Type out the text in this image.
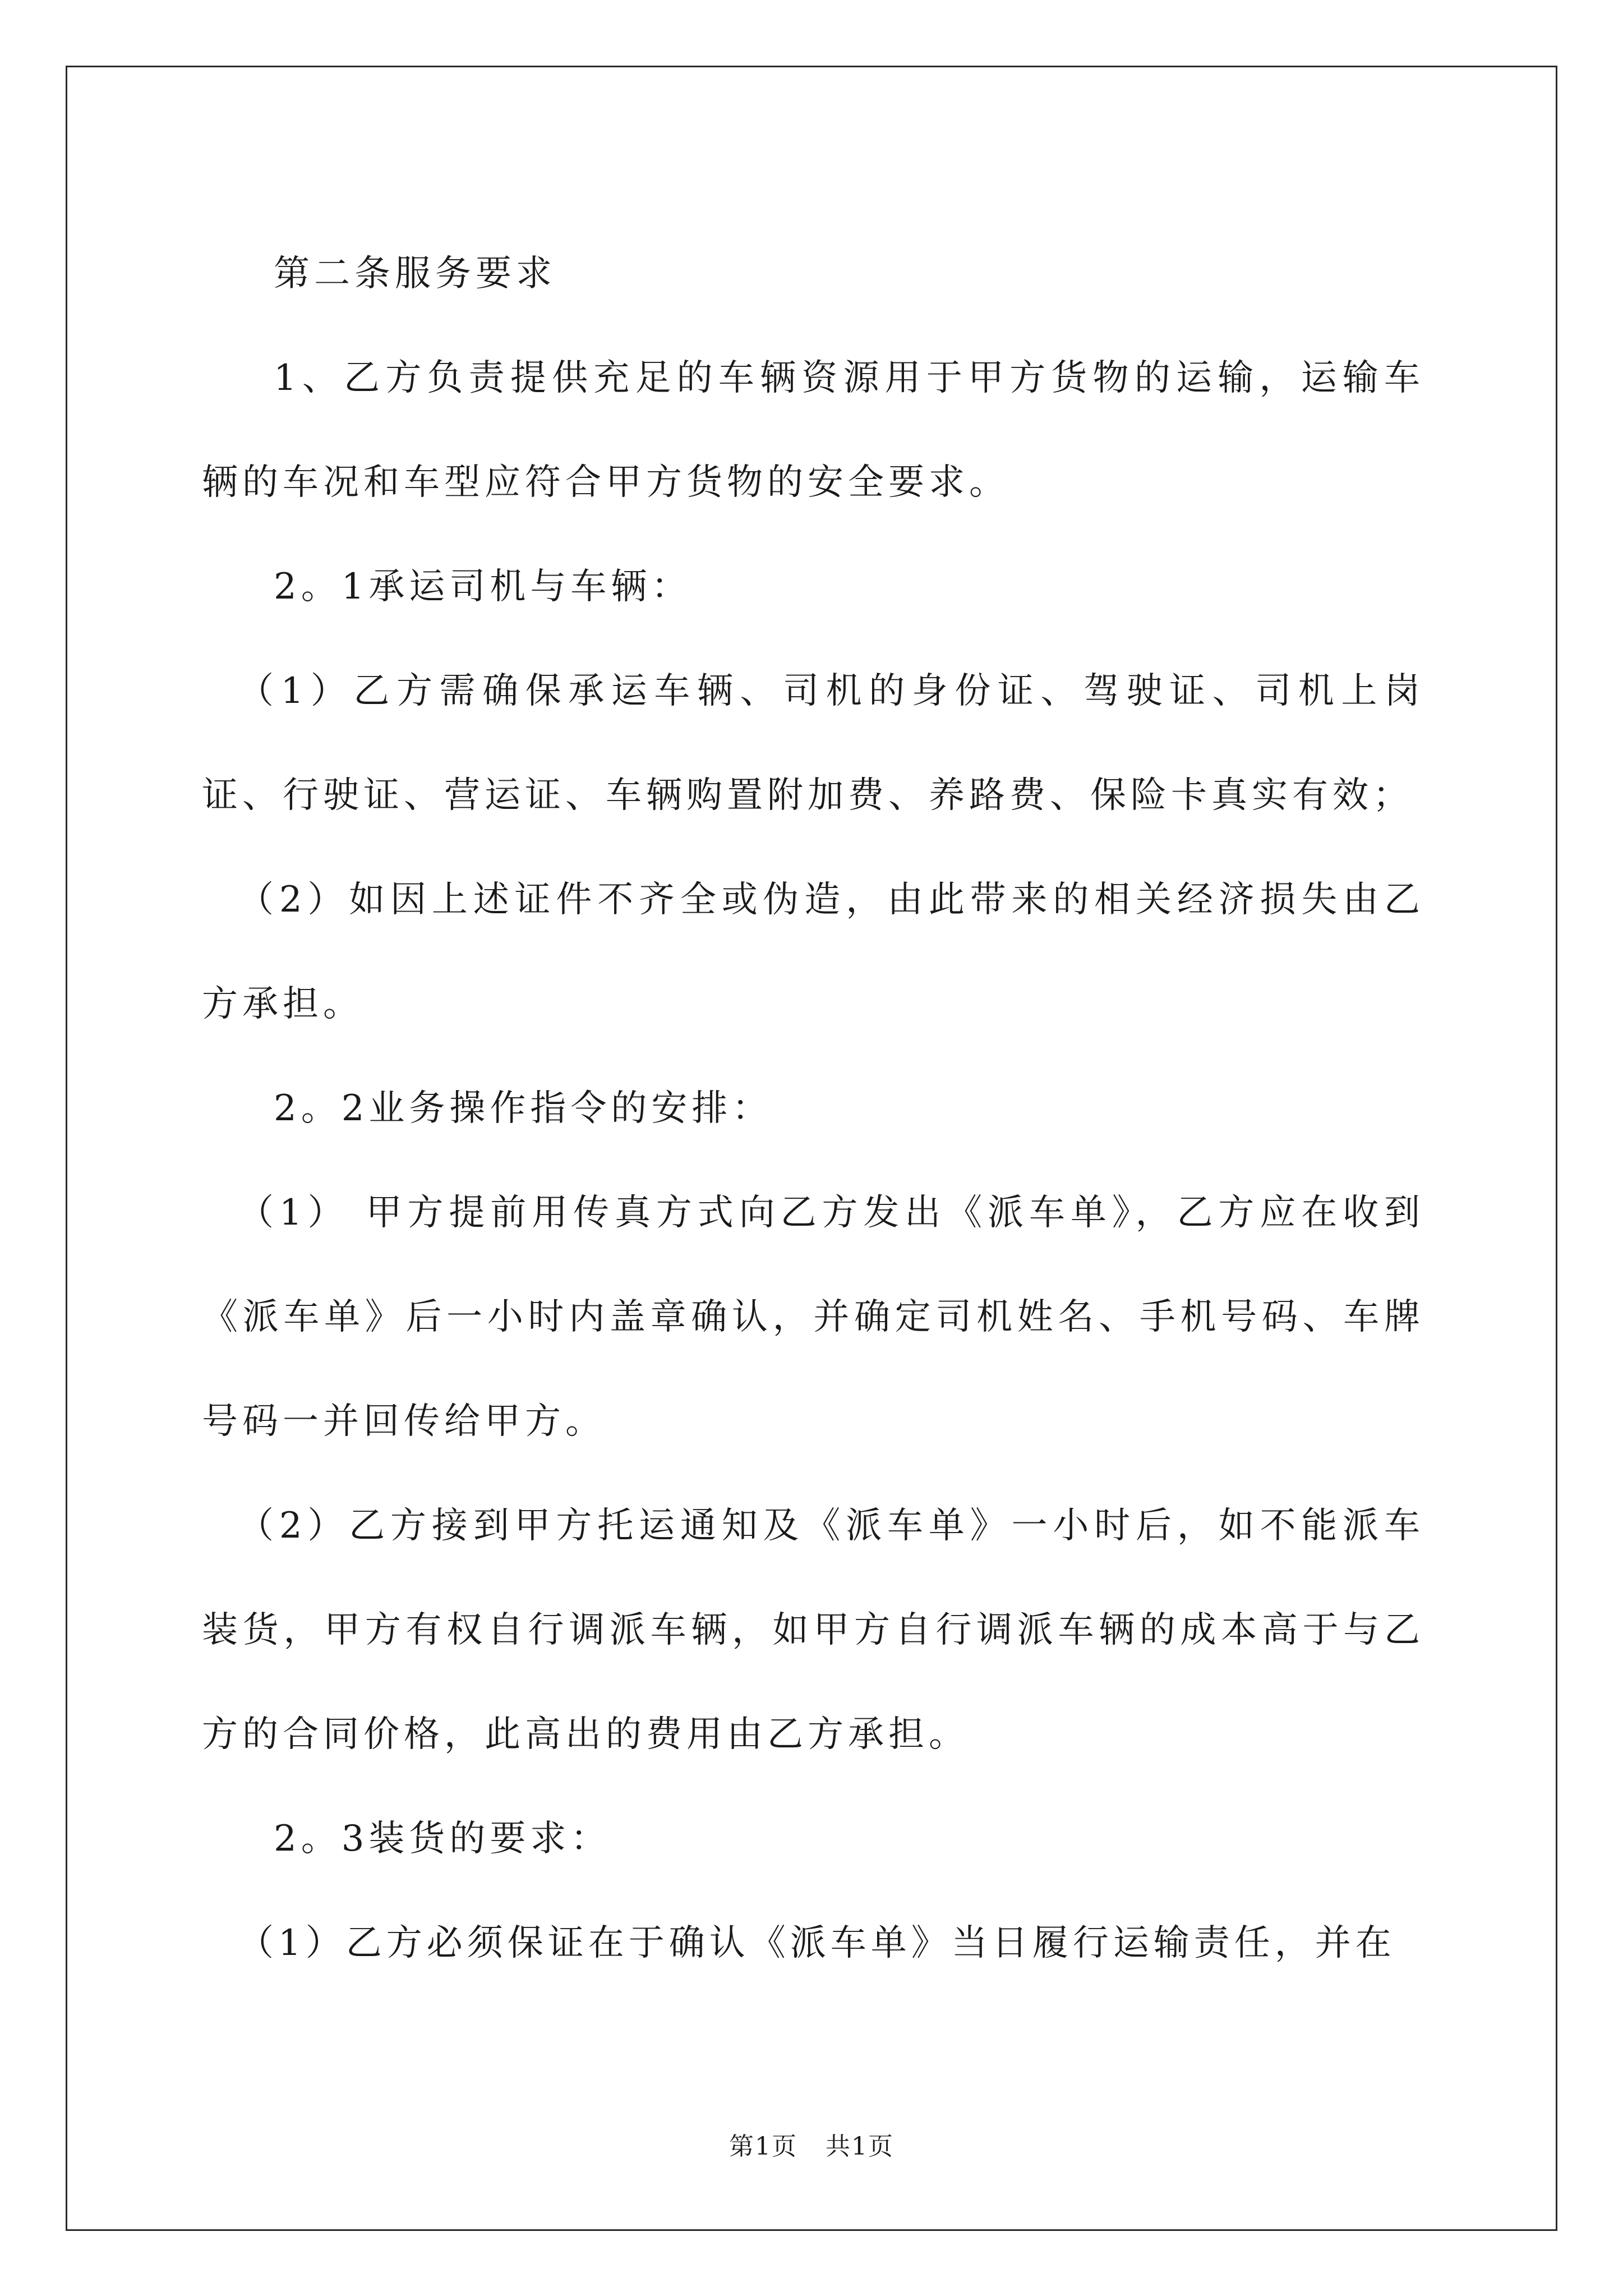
第二条服务要求

1、乙方负责提供充足的车辆资源用于甲方货物的运输，运输车辆的车况和车型应符合甲方货物的安全要求。

2。1承运司机与车辆：

（1）乙方需确保承运车辆、司机的身份证、驾驶证、司机上岗证、行驶证、营运证、车辆购置附加费、养路费、保险卡真实有效；

（2）如因上述证件不齐全或伪造，由此带来的相关经济损失由乙方承担。

2。2业务操作指令的安排：

（1） 甲方提前用传真方式向乙方发出《派车单》，乙方应在收到《派车单》后一小时内盖章确认，并确定司机姓名、手机号码、车牌号码一并回传给甲方。

（2）乙方接到甲方托运通知及《派车单》一小时后，如不能派车装货，甲方有权自行调派车辆，如甲方自行调派车辆的成本高于与乙方的合同价格，此高出的费用由乙方承担。

2。3装货的要求：

（1）乙方必须保证在于确认《派车单》当日履行运输责任，并在

第1页 共1页
